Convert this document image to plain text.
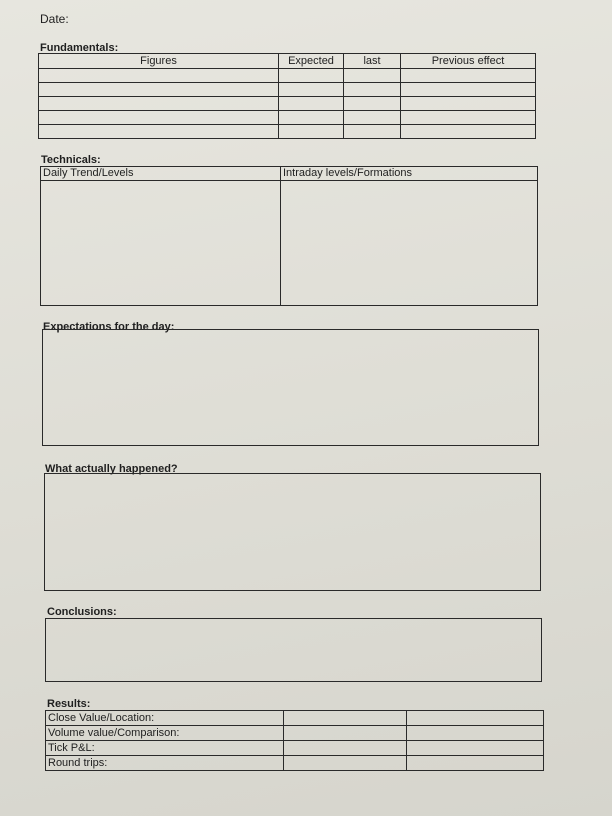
Date:
Fundamentals:
Figures	Expected	last	Previous effect

Technicals:
Daily Trend/Levels	Intraday levels/Formations

Expectations for the day:
What actually happened?
Conclusions:
Results:
Close Value/Location:		
Volume value/Comparison:		
Tick P&L:		
Round trips:		
